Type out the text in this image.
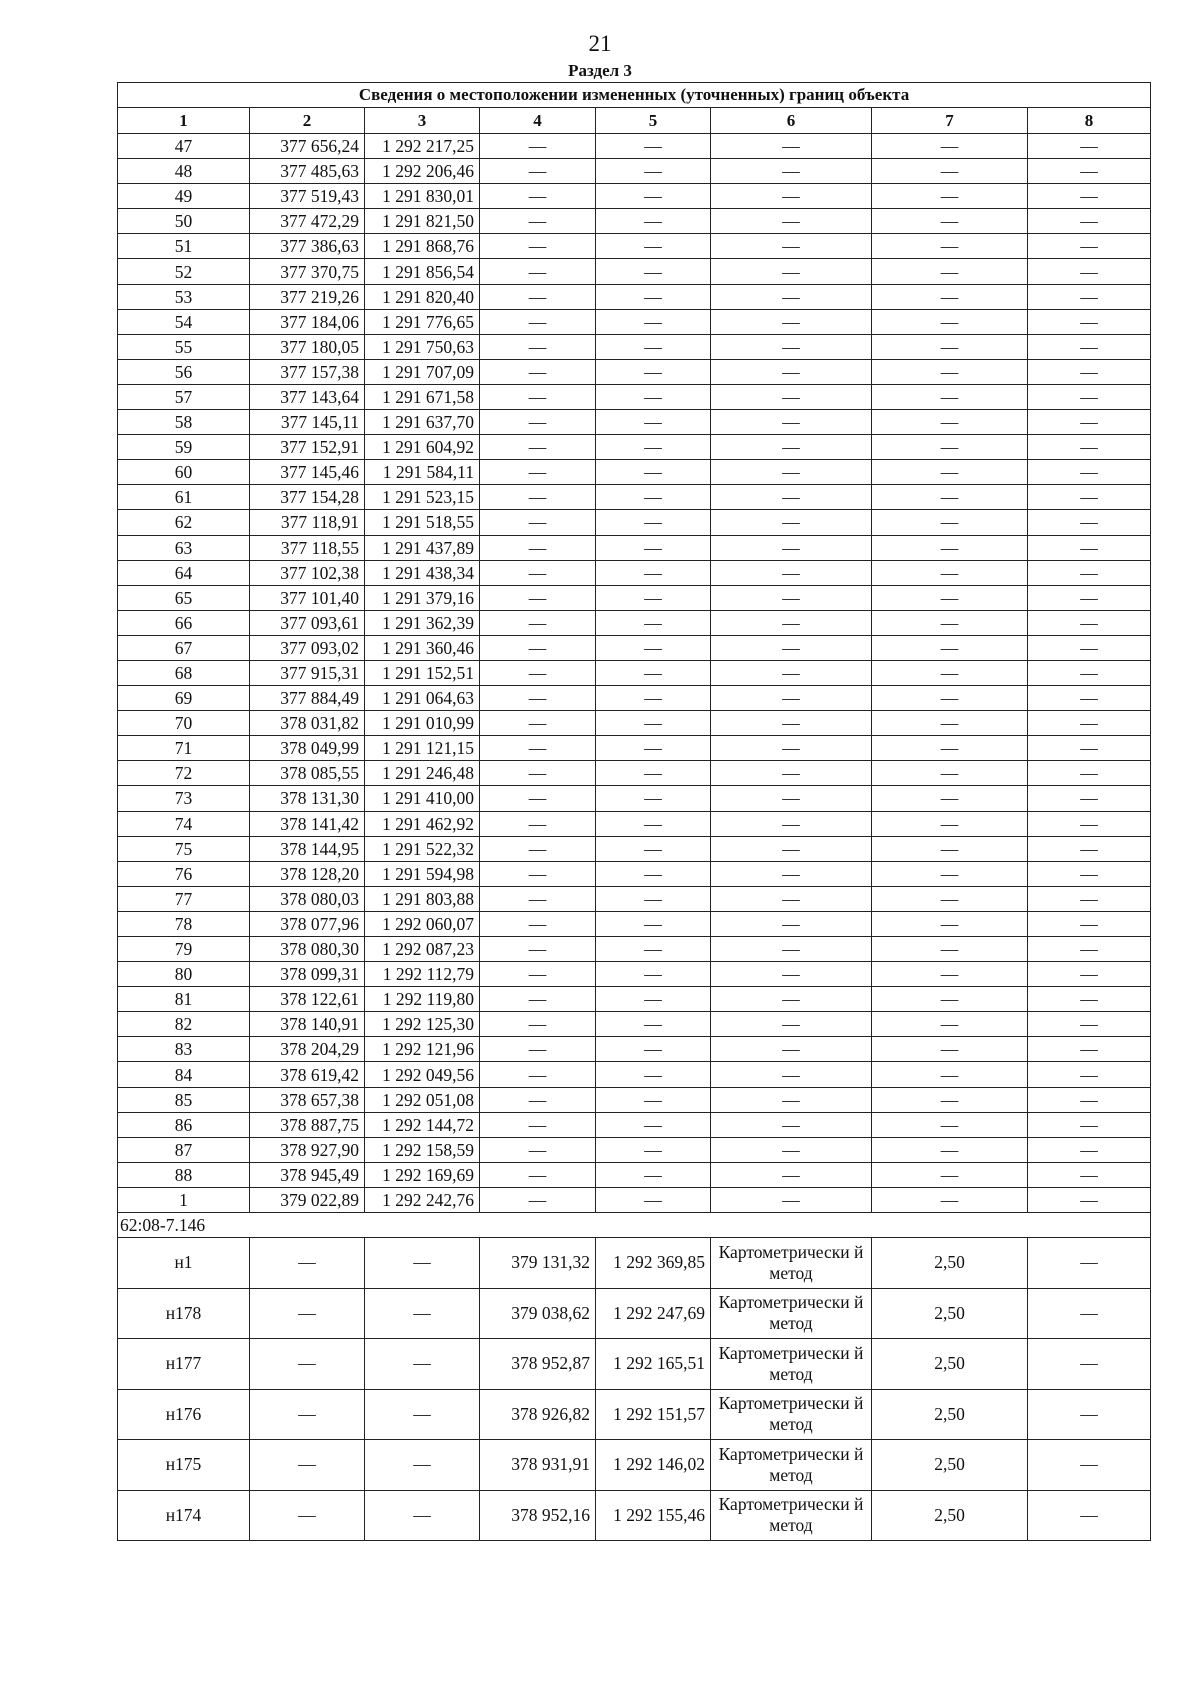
21
Раздел 3
Сведения о местоположении измененных (уточненных) границ объекта							
1	2	3	4	5	6	7	8
47	377 656,24	1 292 217,25	—	—	—	—	—
48	377 485,63	1 292 206,46	—	—	—	—	—
49	377 519,43	1 291 830,01	—	—	—	—	—
50	377 472,29	1 291 821,50	—	—	—	—	—
51	377 386,63	1 291 868,76	—	—	—	—	—
52	377 370,75	1 291 856,54	—	—	—	—	—
53	377 219,26	1 291 820,40	—	—	—	—	—
54	377 184,06	1 291 776,65	—	—	—	—	—
55	377 180,05	1 291 750,63	—	—	—	—	—
56	377 157,38	1 291 707,09	—	—	—	—	—
57	377 143,64	1 291 671,58	—	—	—	—	—
58	377 145,11	1 291 637,70	—	—	—	—	—
59	377 152,91	1 291 604,92	—	—	—	—	—
60	377 145,46	1 291 584,11	—	—	—	—	—
61	377 154,28	1 291 523,15	—	—	—	—	—
62	377 118,91	1 291 518,55	—	—	—	—	—
63	377 118,55	1 291 437,89	—	—	—	—	—
64	377 102,38	1 291 438,34	—	—	—	—	—
65	377 101,40	1 291 379,16	—	—	—	—	—
66	377 093,61	1 291 362,39	—	—	—	—	—
67	377 093,02	1 291 360,46	—	—	—	—	—
68	377 915,31	1 291 152,51	—	—	—	—	—
69	377 884,49	1 291 064,63	—	—	—	—	—
70	378 031,82	1 291 010,99	—	—	—	—	—
71	378 049,99	1 291 121,15	—	—	—	—	—
72	378 085,55	1 291 246,48	—	—	—	—	—
73	378 131,30	1 291 410,00	—	—	—	—	—
74	378 141,42	1 291 462,92	—	—	—	—	—
75	378 144,95	1 291 522,32	—	—	—	—	—
76	378 128,20	1 291 594,98	—	—	—	—	—
77	378 080,03	1 291 803,88	—	—	—	—	—
78	378 077,96	1 292 060,07	—	—	—	—	—
79	378 080,30	1 292 087,23	—	—	—	—	—
80	378 099,31	1 292 112,79	—	—	—	—	—
81	378 122,61	1 292 119,80	—	—	—	—	—
82	378 140,91	1 292 125,30	—	—	—	—	—
83	378 204,29	1 292 121,96	—	—	—	—	—
84	378 619,42	1 292 049,56	—	—	—	—	—
85	378 657,38	1 292 051,08	—	—	—	—	—
86	378 887,75	1 292 144,72	—	—	—	—	—
87	378 927,90	1 292 158,59	—	—	—	—	—
88	378 945,49	1 292 169,69	—	—	—	—	—
1	379 022,89	1 292 242,76	—	—	—	—	—
62:08-7.146							
н1	—	—	379 131,32	1 292 369,85	Картометрически й метод	2,50	—
н178	—	—	379 038,62	1 292 247,69	Картометрически й метод	2,50	—
н177	—	—	378 952,87	1 292 165,51	Картометрически й метод	2,50	—
н176	—	—	378 926,82	1 292 151,57	Картометрически й метод	2,50	—
н175	—	—	378 931,91	1 292 146,02	Картометрически й метод	2,50	—
н174	—	—	378 952,16	1 292 155,46	Картометрически й метод	2,50	—
